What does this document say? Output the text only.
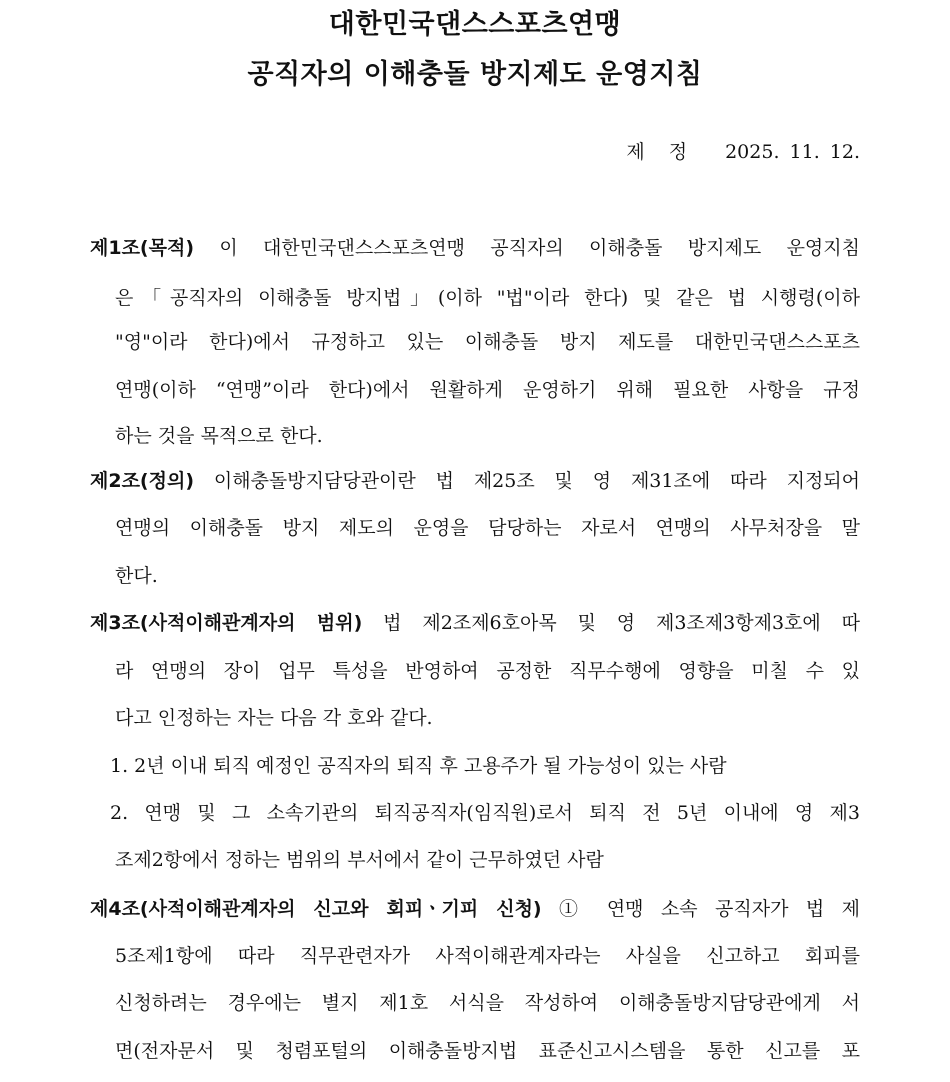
대한민국댄스스포츠연맹
공직자의 이해충돌 방지제도 운영지침
제정 2025. 11. 12.
제1조(목적) 이 대한민국댄스스포츠연맹 공직자의 이해충돌 방지제도 운영지침
은「공직자의 이해충돌 방지법」(이하 "법"이라 한다) 및 같은 법 시행령(이하
"영"이라 한다)에서 규정하고 있는 이해충돌 방지 제도를 대한민국댄스스포츠
연맹(이하 “연맹”이라 한다)에서 원활하게 운영하기 위해 필요한 사항을 규정
하는 것을 목적으로 한다.
제2조(정의) 이해충돌방지담당관이란 법 제25조 및 영 제31조에 따라 지정되어
연맹의 이해충돌 방지 제도의 운영을 담당하는 자로서 연맹의 사무처장을 말
한다.
제3조(사적이해관계자의 범위) 법 제2조제6호아목 및 영 제3조제3항제3호에 따
라 연맹의 장이 업무 특성을 반영하여 공정한 직무수행에 영향을 미칠 수 있
다고 인정하는 자는 다음 각 호와 같다.
1. 2년 이내 퇴직 예정인 공직자의 퇴직 후 고용주가 될 가능성이 있는 사람
2. 연맹 및 그 소속기관의 퇴직공직자(임직원)로서 퇴직 전 5년 이내에 영 제3
조제2항에서 정하는 범위의 부서에서 같이 근무하였던 사람
제4조(사적이해관계자의 신고와 회피ㆍ기피 신청) ① 연맹 소속 공직자가 법 제
5조제1항에 따라 직무관련자가 사적이해관계자라는 사실을 신고하고 회피를
신청하려는 경우에는 별지 제1호 서식을 작성하여 이해충돌방지담당관에게 서
면(전자문서 및 청렴포털의 이해충돌방지법 표준신고시스템을 통한 신고를 포
